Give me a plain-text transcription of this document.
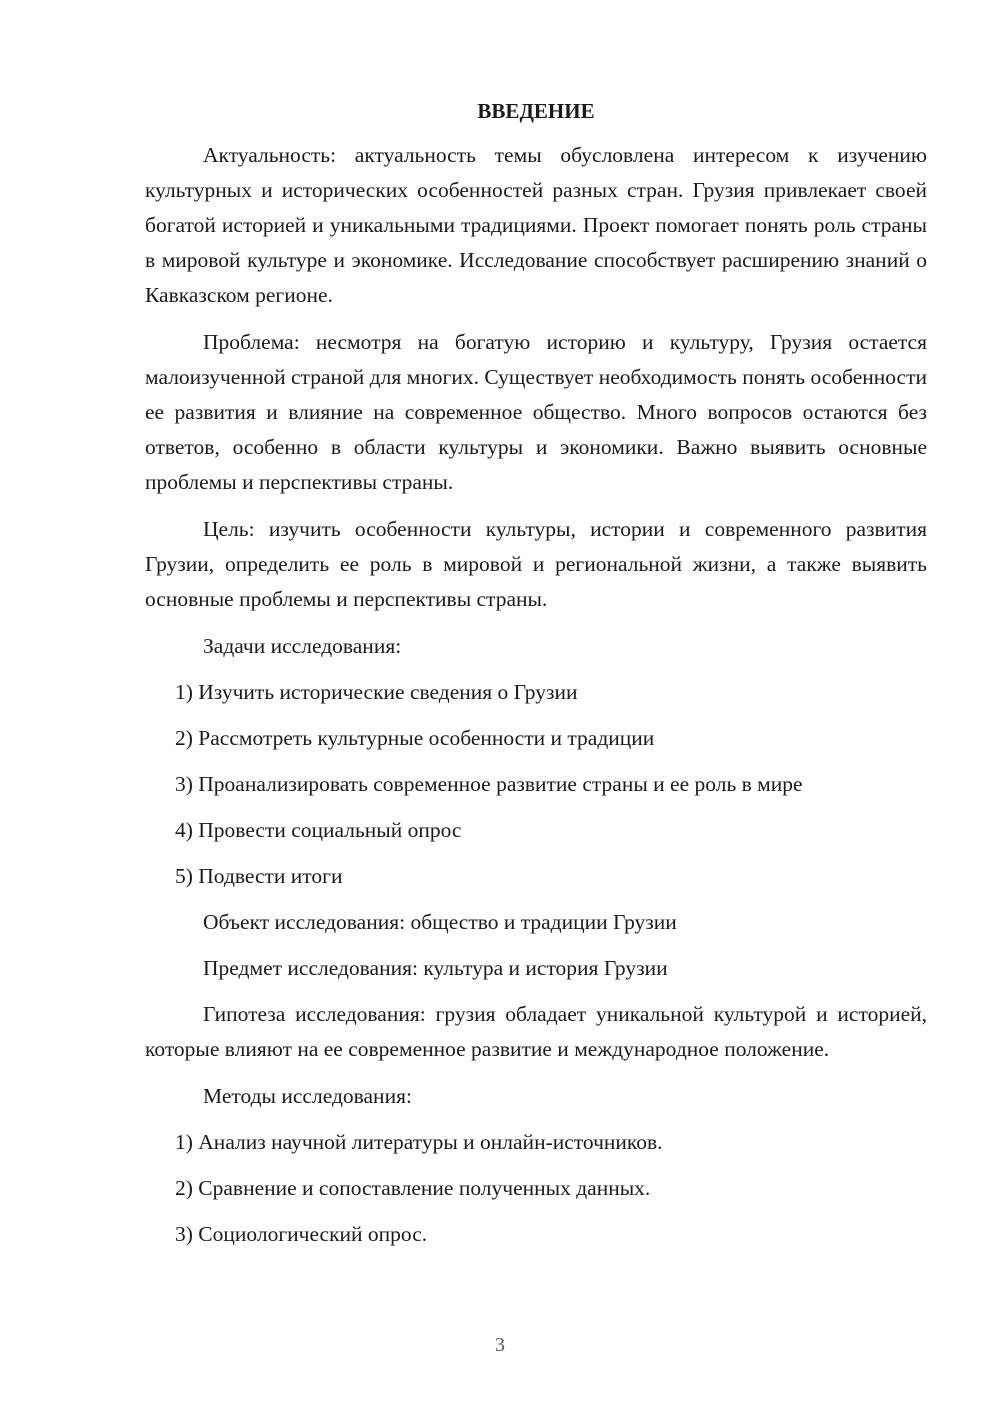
ВВЕДЕНИЕ

Актуальность: актуальность темы обусловлена интересом к изучению культурных и исторических особенностей разных стран. Грузия привлекает своей богатой историей и уникальными традициями. Проект помогает понять роль страны в мировой культуре и экономике. Исследование способствует расширению знаний о Кавказском регионе.

Проблема: несмотря на богатую историю и культуру, Грузия остается малоизученной страной для многих. Существует необходимость понять особенности ее развития и влияние на современное общество. Много вопросов остаются без ответов, особенно в области культуры и экономики. Важно выявить основные проблемы и перспективы страны.

Цель: изучить особенности культуры, истории и современного развития Грузии, определить ее роль в мировой и региональной жизни, а также выявить основные проблемы и перспективы страны.

Задачи исследования:
1) Изучить исторические сведения о Грузии
2) Рассмотреть культурные особенности и традиции
3) Проанализировать современное развитие страны и ее роль в мире
4) Провести социальный опрос
5) Подвести итоги
Объект исследования: общество и традиции Грузии
Предмет исследования: культура и история Грузии

Гипотеза исследования: грузия обладает уникальной культурой и историей, которые влияют на ее современное развитие и международное положение.

Методы исследования:
1) Анализ научной литературы и онлайн-источников.
2) Сравнение и сопоставление полученных данных.
3) Социологический опрос.
3
